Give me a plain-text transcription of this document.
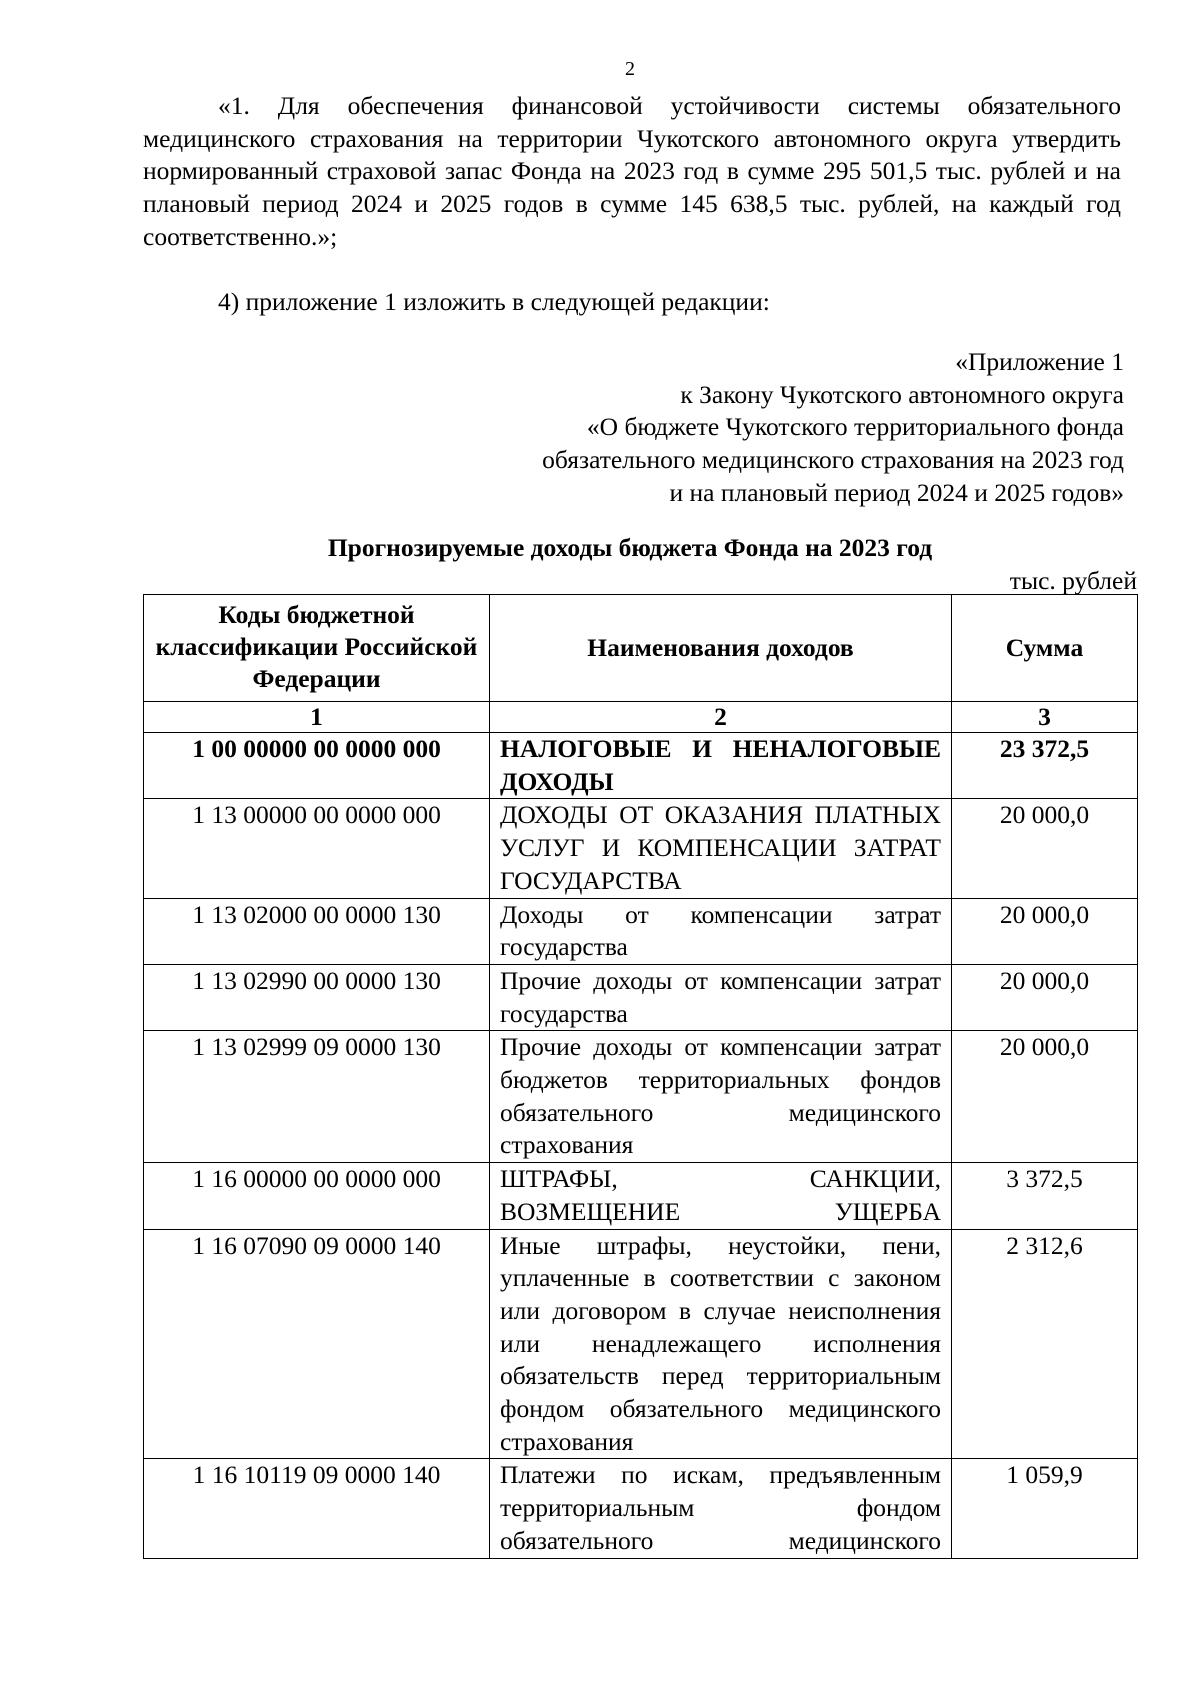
2
«1. Для обеспечения финансовой устойчивости системы обязательного медицинского страхования на территории Чукотского автономного округа утвердить нормированный страховой запас Фонда на 2023 год в сумме 295 501,5 тыс. рублей и на плановый период 2024 и 2025 годов в сумме 145 638,5 тыс. рублей, на каждый год соответственно.»;
4) приложение 1 изложить в следующей редакции:
«Приложение 1
к Закону Чукотского автономного округа
«О бюджете Чукотского территориального фонда
обязательного медицинского страхования на 2023 год
и на плановый период 2024 и 2025 годов»
Прогнозируемые доходы бюджета Фонда на 2023 год
тыс. рублей
Коды бюджетной классификации Российской Федерации	Наименования доходов	Сумма
1	2	3
1 00 00000 00 0000 000	НАЛОГОВЫЕ И НЕНАЛОГОВЫЕ ДОХОДЫ	23 372,5
1 13 00000 00 0000 000	ДОХОДЫ ОТ ОКАЗАНИЯ ПЛАТНЫХ УСЛУГ И КОМПЕНСАЦИИ ЗАТРАТ ГОСУДАРСТВА	20 000,0
1 13 02000 00 0000 130	Доходы от компенсации затрат государства	20 000,0
1 13 02990 00 0000 130	Прочие доходы от компенсации затрат государства	20 000,0
1 13 02999 09 0000 130	Прочие доходы от компенсации затрат бюджетов территориальных фондов обязательного медицинского страхования	20 000,0
1 16 00000 00 0000 000	ШТРАФЫ, САНКЦИИ, ВОЗМЕЩЕНИЕ УЩЕРБА	3 372,5
1 16 07090 09 0000 140	Иные штрафы, неустойки, пени, уплаченные в соответствии с законом или договором в случае неисполнения или ненадлежащего исполнения обязательств перед территориальным фондом обязательного медицинского страхования	2 312,6
1 16 10119 09 0000 140	Платежи по искам, предъявленным территориальным фондом обязательного медицинского	1 059,9
